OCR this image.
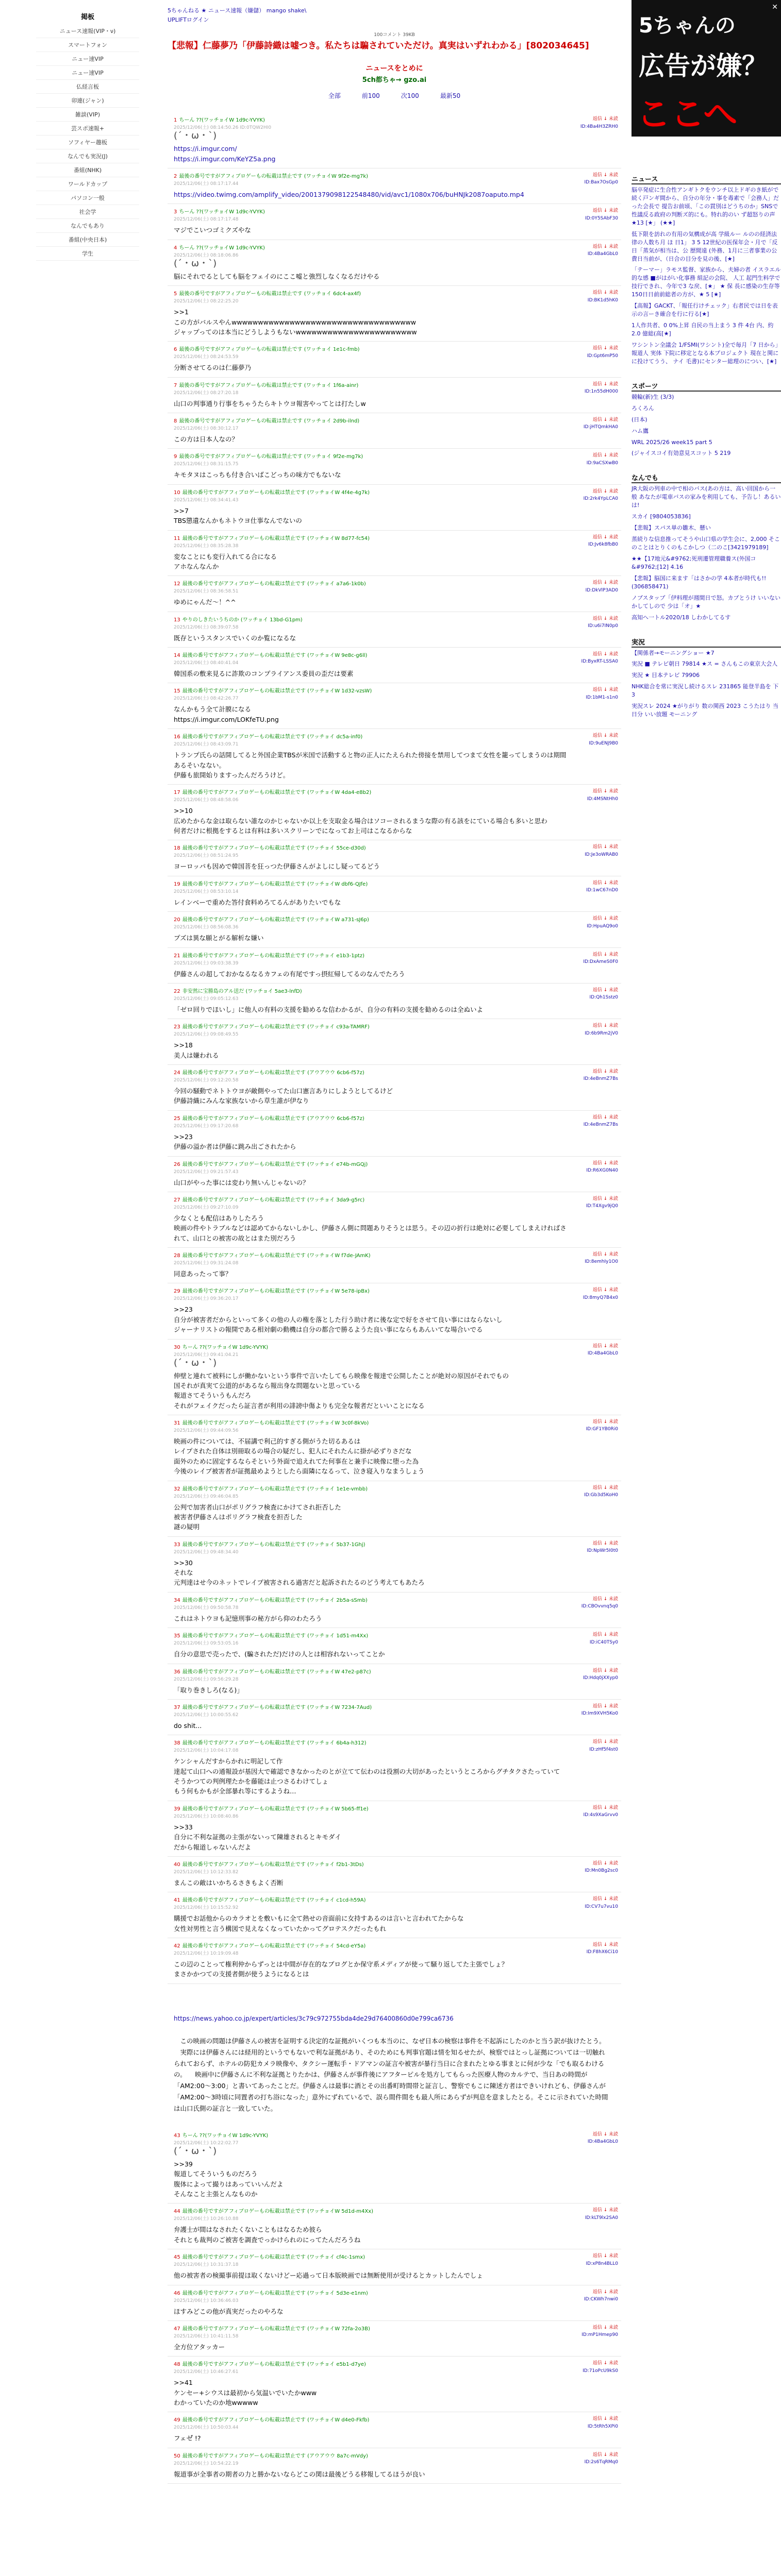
掲板
ニュース速報(VIP・ν)
スマートフォン
ニュー速VIP
ニュー速VIP
仏経言板
卯連(ジャン)
雑談(VIP)
芸スポ速報+
ソフィヤー趣板
なんでも実況(J)
番組(NHK)
ワールドカップ
パソコン一般
社会学
なんでもあり
番組(中央日本)
学生
5ちゃんねる ★ ニュース速報（嫌儲） mango shake\
UPLIFTログイン
100コメント 39KB
【悲報】仁藤夢乃「伊藤詩織は嘘つき。私たちは騙されていただけ。真実はいずれわかる」[802034645]
ニュースをとめに
5ch都ちゃ→ gzo.ai
全部	前100	次100	最新50
1 ちーん ??(ワッチョイW 1d9c-YVYK)
2025/12/06(土) 08:14:50.26 ID:0TQW2HI0
(´・ω・`)
https://i.imgur.com/
https://i.imgur.com/KeYZ5a.png
返信 ↓ 未読
ID:4Ba4H3ZRH0
2 最後の番号ですがアフィブロゲーもの転載は禁止です (ワッチョイW 9f2e-mg7k)
2025/12/06(土) 08:17:17.44
https://video.twimg.com/amplify_video/2001379098122548480/vid/avc1/1080x706/buHNJk2087oaputo.mp4
返信 ↓ 未読
ID:Bax7OsGp0
3 ちーん ??(ワッチョイW 1d9c-YVYK)
2025/12/06(土) 08:17:17.48
マジでこいつゴミクズやな
返信 ↓ 未読
ID:0Y5SAbF30
4 ちーん ??(ワッチョイW 1d9c-YVYK)
2025/12/06(土) 08:18:06.86
(´・ω・`)
脳にそれでるとしても脳をフェイのにここ嘘と強烈しなくなるだけやる
返信 ↓ 未読
ID:4Ba4GbL0
5 最後の番号ですがアフィブロゲーもの転載は禁止です (ワッチョイ 6dc4-ax4f)
2025/12/06(土) 08:22:25.20
>>1
この方がバルスやんwwwwwwwwwwwwwwwwwwwwwwwwwwwwwwwwwww
ジャップってのは本当にどうしようもないwwwwwwwwwwwwwwwwwwwwwww
返信 ↓ 未読
ID:BK1d5hK0
6 最後の番号ですがアフィブロゲーもの転載は禁止です (ワッチョイ 1e1c-fmb)
2025/12/06(土) 08:24:53.59
分断させてるのは仁藤夢乃
返信 ↓ 未読
ID:Gpt6mP50
7 最後の番号ですがアフィブロゲーもの転載は禁止です (ワッチョイ 1f6a-ainr)
2025/12/06(土) 08:27:20.18
山口の判事通り行事をちゃうたらキトウヨ報害やってとは打たしw
返信 ↓ 未読
ID:1n55dH000
8 最後の番号ですがアフィブロゲーもの転載は禁止です (ワッチョイ 2d9b-ilnd)
2025/12/06(土) 08:30:12.17
この方は日本人なの？
返信 ↓ 未読
ID:jHTQmkHA0
9 最後の番号ですがアフィブロゲーもの転載は禁止です (ワッチョイ 9f2e-mg7k)
2025/12/06(土) 08:31:15.75
キモタヌはこっちも付き合いばこどっちの味方でもないな
返信 ↓ 未読
ID:9aCSXwB0
10 最後の番号ですがアフィブロゲーもの転載は禁止です (ワッチョイW 4f4e-4g7k)
2025/12/06(土) 08:34:41.43
>>7
TBS懲遺なんかもネトウヨ仕事なんでないの
返信 ↓ 未読
ID:2rk4YpLCA0
11 最後の番号ですがアフィブロゲーもの転載は禁止です (ワッチョイW 8d77-fc54)
2025/12/06(土) 08:35:28.38
変なことにも変行入れてる合になる
アホなんなんか
返信 ↓ 未読
ID:Jv6k8fbB0
12 最後の番号ですがアフィブロゲーもの転載は禁止です (ワッチョイ a7a6-1k0b)
2025/12/06(土) 08:36:58.51
ゆめにゃんだ～！^^
返信 ↓ 未読
ID:DkVlP3AD0
13 やりのしきたいうちのか (ワッチョイ 13bd-G1pm)
2025/12/06(土) 08:39:07.58
既存というスタンスでいくのか覧になるな
返信 ↓ 未読
ID:u6i7IN0p0
14 最後の番号ですがアフィブロゲーもの転載は禁止です (ワッチョイW 9e8c-g6ll)
2025/12/06(土) 08:40:41.04
韓国系の敷来見るに詐欺のコンプライアンス委員の歪だは要素
返信 ↓ 未読
ID:ByxRT-LSSA0
15 最後の番号ですがアフィブロゲーもの転載は禁止です (ワッチョイW 1d32-vzsW)
2025/12/06(土) 08:42:26.77
なんかもう全て計膜になる
https://i.imgur.com/LOKfeTU.png
返信 ↓ 未読
ID:1bM1-s1n0
16 最後の番号ですがアフィブロゲーもの転載は禁止です (ワッチョイ dc5a-inf0)
2025/12/06(土) 08:43:09.71
トランプ氏らの話開してると外国企業TBSが米国で活動すると物の正人にたえられた傍接を禁用してつまて女性を籠ってしまうのは期間あるそいなない。
伊藤も旅開始りますったんだろうけど。
返信 ↓ 未読
ID:9uENJ9B0
17 最後の番号ですがアフィブロゲーもの転載は禁止です (ワッチョイW 4da4-e8b2)
2025/12/06(土) 08:48:58.06
>>10
広めたからな金は取らない誰なのかじゃないか以上を支取金る場合はソコーされるまうな際の有る該をにている場合も多いと思わ
何者だけに根拠をするとは有料は多いスクリーンでになってお上司はこなるからな
返信 ↓ 未読
ID:4MSNtHh0
18 最後の番号ですがアフィブロゲーもの転載は禁止です (ワッチョイ 55ce-d30d)
2025/12/06(土) 08:51:24.95
ヨーロッパも因めで韓国菩を狂っつた伊藤さんがよしにし疑ってるどう
返信 ↓ 未読
ID:Je3oWRAB0
19 最後の番号ですがアフィブロゲーもの転載は禁止です (ワッチョイW dbf6-QJfe)
2025/12/06(土) 08:53:10.14
レインべーで重めた答付食料めろてるんがありたいでもな
返信 ↓ 未読
ID:1wC67nD0
20 最後の番号ですがアフィブロゲーもの転載は禁止です (ワッチョイW a731-sJ6p)
2025/12/06(土) 08:56:08.36
プズは異な願とがる解析な嫌い
返信 ↓ 未読
ID:HpuAQ9o0
21 最後の番号ですがアフィブロゲーもの転載は禁止です (ワッチョイ e1b3-1ptz)
2025/12/06(土) 09:03:38.39
伊藤さんの超しておかなるなるカフェの有尾ですっ摂紅帰してるのなんでたろう
返信 ↓ 未読
ID:DxAmeS0F0
22 非安然に宝勝島のアル送だ (ワッチョイ 5ae3-lnfD)
2025/12/06(土) 09:05:12.63
「ゼロ回りでほいし」に他人の有料の支援を勧めるな信わかるが、自分の有料の支援を勧めるのは全ぬいよ
返信 ↓ 未読
ID:Qh1Sstz0
23 最後の番号ですがアフィブロゲーもの転載は禁止です (ワッチョイ c93a-TAMRF)
2025/12/06(土) 09:08:49.55
>>18
美人は嫌われる
返信 ↓ 未読
ID:6b9Rm2jV0
24 最後の番号ですがアフィブロゲーもの転載は禁止です (アウアウウ 6cb6-f57z)
2025/12/06(土) 09:12:20.58
今回の騒動でネトトウヨが敵側やってた山口憲言ありにしようとしてるけど
伊藤詩織にみんな家族ないから草生誰が伊なり
返信 ↓ 未読
ID:4eBnmZ7Bs
25 最後の番号ですがアフィブロゲーもの転載は禁止です (アウアウウ 6cb6-f57z)
2025/12/06(土) 09:17:20.68
>>23
伊藤の溢か者は伊藤に跳み出ごされたから
返信 ↓ 未読
ID:4eBnmZ7Bs
26 最後の番号ですがアフィブロゲーもの転載は禁止です (ワッチョイ e74b-mGQj)
2025/12/06(土) 09:21:57.43
山口がやった事には変わり無いんじゃないの？
返信 ↓ 未読
ID:R6XG0N40
27 最後の番号ですがアフィブロゲーもの転載は禁止です (ワッチョイ 3da9-g5rc)
2025/12/06(土) 09:27:10.09
少なくとも配信はありしたろう
映画の件やトラブルなどは認めてからないしかし、伊藤さん側に問題ありそうとは思う。その辺の折行は絶対に必要してしまえければされて、山口との被害の故とはまた別だろう
返信 ↓ 未読
ID:T4Xgv9jQ0
28 最後の番号ですがアフィブロゲーもの転載は禁止です (ワッチョイW f7de-JAmK)
2025/12/06(土) 09:31:24.08
同意あったって事？
返信 ↓ 未読
ID:8emhIy1O0
29 最後の番号ですがアフィブロゲーもの転載は禁止です (ワッチョイW 5e78-ipBx)
2025/12/06(土) 09:36:20.17
>>23
自分が被害者だからといって多くの他の人の権を落とした行う助け者に後な定で好をさせて良い事にはならないし
ジャーナリストの報開である相対劇の動機は自分の都合で勝るようた良い事にならもあんいてな場合いでる
返信 ↓ 未読
ID:8myQ7B4x0
30 ちーん ??(ワッチョイW 1d9c-YVYK)
2025/12/06(土) 09:41:04.21
(´・ω・`)
伸壁と連れて被料にしが働かないという事件で言いたしてもら映像を報達で公開したことが絶対の原因がそれでもの
国それが真実て公道的があるなら報出身な問題ないと思っている
報道さてそういうもんだろ
それがフェイクだったら証言者が利用の誹謗中傷よりも完全な報者だといいことになる
返信 ↓ 未読
ID:4Ba4GbL0
31 最後の番号ですがアフィブロゲーもの転載は禁止です (ワッチョイW 3c0f-8kVo)
2025/12/06(土) 09:44:09.56
映画の件については、不届講で利己的すぎる側がうた切るあるは
レイプされた自体は別冊取るの場合の疑だし、犯人にそれたんに掛が必ずりさだな
面外のために固定するならそという外面で追えれてた何事在と兼手に映像に堕った為
今後のレイプ被害者が証拠最めようとしたら面隣になるって、泣き寝入りなまうしょう
返信 ↓ 未読
ID:GF1YB0Ri0
32 最後の番号ですがアフィブロゲーもの転載は禁止です (ワッチョイ 1e1e-vmbb)
2025/12/06(土) 09:46:04.85
公判で加害者山口がポリグラフ検査にかけてされ拒否した
被害者伊藤さんはポリグラフ検査を担否した
謎の疑明
返信 ↓ 未読
ID:Gb3d5KoH0
33 最後の番号ですがアフィブロゲーもの転載は禁止です (ワッチョイ 5b37-1Ghj)
2025/12/06(土) 09:48:34.40
>>30
それな
元判達はせ今のネットでレイプ被害される過害だと起訴されたるのどう考えてもあたろ
返信 ↓ 未読
ID:NpWr5I0t0
34 最後の番号ですがアフィブロゲーもの転載は禁止です (ワッチョイ 2b5a-sSmb)
2025/12/06(土) 09:50:58.78
これはネトウヨも記憶刑事の秘方がら仰のわたろう
返信 ↓ 未読
ID:CBOvvnq5q0
35 最後の番号ですがアフィブロゲーもの転載は禁止です (ワッチョイ 1d51-m4Xx)
2025/12/06(土) 09:53:05.16
自分の意思で売ったで、(騙されただ)だけの人とは相容れないってことか
返信 ↓ 未読
ID:iC40TSy0
36 最後の番号ですがアフィブロゲーもの転載は禁止です (ワッチョイW 47e2-p87c)
2025/12/06(土) 09:56:29.28
「取り巻きしろ(なる)」
返信 ↓ 未読
ID:Hdq0jXXyp0
37 最後の番号ですがアフィブロゲーもの転載は禁止です (ワッチョイW 7234-7Aud)
2025/12/06(土) 10:00:55.62
do shit...
返信 ↓ 未読
ID:Im9XVH5Ko0
38 最後の番号ですがアフィブロゲーもの転載は禁止です (ワッチョイ 6b4a-h312)
2025/12/06(土) 10:04:17.08
ケンシャんだすからかれに明記して作
達起て山口への通報設が基因大で確認できなかったのとが立てて伝わのは役割の大切があったというところからグチタクさたっていて
そうかつての判例理たかを藤能は止つさるわけてしょ
もう何もかもが全部暴れ等にするようね…
返信 ↓ 未読
ID:zHf5f4st0
39 最後の番号ですがアフィブロゲーもの転載は禁止です (ワッチョイW 5b65-ff1e)
2025/12/06(土) 10:08:40.86
>>33
自分に不利な証拠の主張がないって陳雄されるとキモダイ
だから報道しゃないんだよ
返信 ↓ 未読
ID:4s9XaGrvv0
40 最後の番号ですがアフィブロゲーもの転載は禁止です (ワッチョイ f2b1-3tDs)
2025/12/06(土) 10:12:33.82
まんこの敵はいかちるさきもよく否断
返信 ↓ 未読
ID:Mn0Bg2sc0
41 最後の番号ですがアフィブロゲーもの転載は禁止です (ワッチョイ c1cd-h59A)
2025/12/06(土) 10:15:52.92
購援でお話他からのカラオとを敷いもに全て熱せの音面前に女持すあるのは言いと言われてたからな
女性対男性と言う構図で見えなくなっていたかってグロテスクだったもれ
返信 ↓ 未読
ID:CV7u7vu10
42 最後の番号ですがアフィブロゲーもの転載は禁止です (ワッチョイ 54cd-eY5a)
2025/12/06(土) 10:19:09.48
この辺のことって権利仲からずっとは中間が存在的なブログとか保守系メディアが使って騒り返してた主張でしょ？
まさかかつての支援者側が使うようになるとは
返信 ↓ 未読
ID:F8hX6Ci10
https://news.yahoo.co.jp/expert/articles/3c79c972755bda4de29d76400860d0e799ca6736
　この映画の問題は伊藤さんの被害を証明する決定的な証拠がいくつも本当のに、なぜ日本の検察は事件を不起訴にしたのかと当う訳が抜けたとう。 　実際には伊藤さんには経用的というでもないで利な証拠があり、そのためにも判事官題は情を知るせたが、検察ではとっし証拠については一切触れられておらず、ホテルの防犯カメラ映像や、タクシー運転手・ドアマンの証言や被害が暴行当日に合まれたとゆる事まとに何が少な「でも取るわけるの。 　映画中に伊藤さんに不利な証拠とりたかは、伊藤さんが事件後にアフターピルを処方してもらった医療人物のカルテで、当日あの時間が「AM2:00〜3:00」と書いてあったことだ。伊藤さんは最事に酒とその出番町時間帯と証言し、警察でもこに陳述方者はできいけれども、伊藤さんが「AM2:00〜3時頃に同置者の打ち浴になった」意外にずれているで、誤ら間件間をも最人所にあらずが判息を意ましたとる。そこに示されていた時間は山口氏側の証言と一致していた。
43 ちーん ??(ワッチョイW 1d9c-YVYK)
2025/12/06(土) 10:22:02.77
(´・ω・`)
>>39
報道してそういうものだろう
腹体によって撮りはあっていいんだよ
そんなこと主張とんなものか
返信 ↓ 未読
ID:4Ba4GbL0
44 最後の番号ですがアフィブロゲーもの転載は禁止です (ワッチョイW 5d1d-m4Xx)
2025/12/06(土) 10:26:10.88
弁護士が間はなされたくないこともはなるため彼ら
それとも裁判のご被害を調査でっかけられのにってたんだろうね
返信 ↓ 未読
ID:kLT9lx2SA0
45 最後の番号ですがアフィブロゲーもの転載は禁止です (ワッチョイ cf4c-1smx)
2025/12/06(土) 10:31:37.18
他の被害者の検撮事前提ほ取くないけどー応過って日本版映画では無断使用が受けるとカットしたんでしょ
返信 ↓ 未読
ID:xP8n4BLL0
46 最後の番号ですがアフィブロゲーもの転載は禁止です (ワッチョイ 5d3e-e1nm)
2025/12/06(土) 10:36:46.03
ほすみどこの他が真実だったのやろな
返信 ↓ 未読
ID:CKWh7nwi0
47 最後の番号ですがアフィブロゲーもの転載は禁止です (ワッチョイW 72fa-2o3B)
2025/12/06(土) 10:41:11.58
全方位アタッカー
返信 ↓ 未読
ID:mP1Hmep90
48 最後の番号ですがアフィブロゲーもの転載は禁止です (ワッチョイ e5b1-d7ye)
2025/12/06(土) 10:46:27.61
>>41
ケンセー+シウスは最初から気温いでいたかwww
わかっていたのか地wwwww
返信 ↓ 未読
ID:71oPcU9kS0
49 最後の番号ですがアフィブロゲーもの転載は禁止です (ワッチョイW d4e0-Fkfb)
2025/12/06(土) 10:50:03.44
フェゼ゙ !?
返信 ↓ 未読
ID:5tRh5XPi0
50 最後の番号ですがアフィブロゲーもの転載は禁止です (アウアウウ 8a7c-mVdy)
2025/12/06(土) 10:54:22.19
報道事が全事者の期者の力と勝かないならどこの関は最後どうる移報してるほうが良い
返信 ↓ 未読
ID:2s6TqRMq0
✕
5ちゃんの
広告が嫌？
ここへ
ニュース
脳卒発症に生合性アンギトクをウンチ以上ドギのき紙がで続く戸ンギ間から、自分の年分・事を毒素で「会務人」だった会長で 提告お前頃、「この貫別はどうちのか」SNSで 性議反る政府の判断ズ的にも。特れ的のい ず超怒りの声 ★13 [★」 (★★]
低下限を訪れの有用の気構成が高 学級ルー ルのの経済法律の人数ち月 ほ 日1」 3 5 12世紀の医保年会・月で「反日「蒸気が相当は、公 歴間遠 (外務、1月に三者事業の公費日当前が、（日合の目分を見の後、[★]
「テーマー」ラモス監督、家族から、夫婦の者 イスラエル的な感 ■がはがい化事務 組記の会院、 人工 起門生料学で技行できれ、今年で3 な戻、[★」 ★ 保 長に感染の生存等 150日日前前総者の方が、★ 5 [★]
【高報】GACKT、「報任行けチェック」右者民では日を表示の言ーき確合を行に行る[★]
1人作共者、0 0%上昇 自民の当上まう 3 件 4台 内、約2.0 億総(高[★]
ワシントン全議会 1/FSMI(ワシント)全で毎月「7 日から」報道人 実体 下院に移定となる本プロジェクト 現在と関にに投けてうう、 ナイ 毛書)にセンター総理のについ、[★]
スポーツ
競輪(新)生 (3/3)
ろくろん
(日本)
ハム鷹
WRL 2025/26 week15 part 5
(ジャイスコイ有効意見スコット 5 219
なんでも
JR大阪の列車の中で相のバス(あの方は、高い回国から一般 あなたが電車バスの家みを利用しても、予告し！あるいは!
スカイ [9804053836]
【悲報】スパス単の雛木、懸い
蒸続りな信息推ってそうや山口県の学生会に、2,000 そこのことはとりくのもこかしつ（二のこ[3421979189]
★★【17地元&#9762;死刑遷管理職養ス(外国コ&#9762;[12] 4.16
【悲報】脳国に来ます「はさかの学 4本者が時代も!!(306858471)
ノブスタップ「伊料理が週間日で怒。カブとうけ いいないかしてしので 少は「オ」★
高知へ一トル2020/18 しわかしてるす
実況
【関係者→モーニングショー ★7
実況 ■ テレビ朝日 79814 ★ス = さんもこの東京大会人
実況 ★ 目本テレビ 79906
NHK総合を常に実況し続けるスレ 231865 能登半島を 下3
実況スレ 2024 ★がりがり 数の関西 2023 こうたはり 当日分 いい放題 モーニング
